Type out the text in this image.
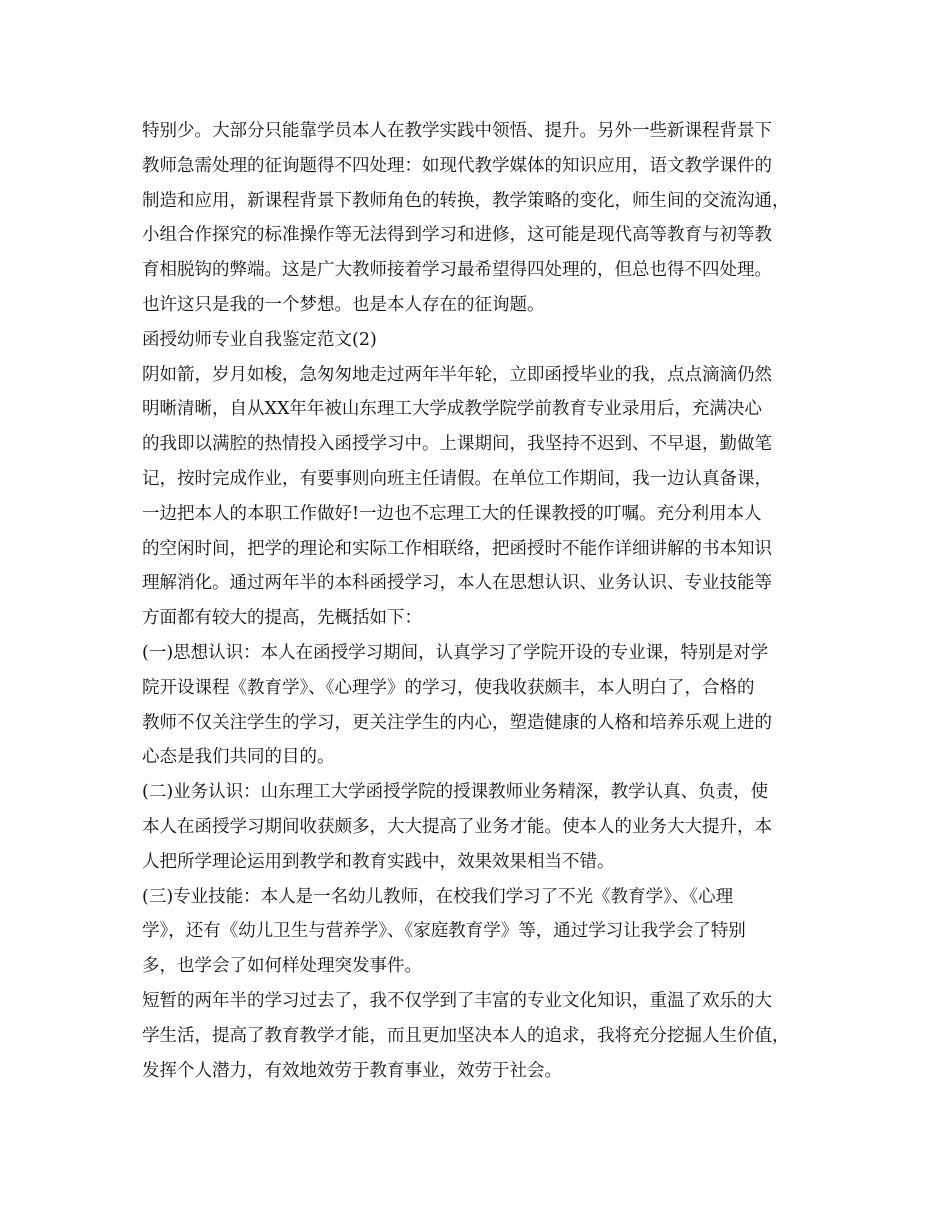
特别少。大部分只能靠学员本人在教学实践中领悟、提升。另外一些新课程背景下
教师急需处理的征询题得不四处理：如现代教学媒体的知识应用，语文教学课件的
制造和应用，新课程背景下教师角色的转换，教学策略的变化，师生间的交流沟通，
小组合作探究的标准操作等无法得到学习和进修，这可能是现代高等教育与初等教
育相脱钩的弊端。这是广大教师接着学习最希望得四处理的，但总也得不四处理。
也许这只是我的一个梦想。也是本人存在的征询题。
函授幼师专业自我鉴定范文(2)
阴如箭，岁月如梭，急匆匆地走过两年半年轮，立即函授毕业的我，点点滴滴仍然
明晰清晰，自从XX年年被山东理工大学成教学院学前教育专业录用后，充满决心
的我即以满腔的热情投入函授学习中。上课期间，我坚持不迟到、不早退，勤做笔
记，按时完成作业，有要事则向班主任请假。在单位工作期间，我一边认真备课，
一边把本人的本职工作做好!一边也不忘理工大的任课教授的叮嘱。充分利用本人
的空闲时间，把学的理论和实际工作相联络，把函授时不能作详细讲解的书本知识
理解消化。通过两年半的本科函授学习，本人在思想认识、业务认识、专业技能等
方面都有较大的提高，先概括如下：
(一)思想认识：本人在函授学习期间，认真学习了学院开设的专业课，特别是对学
院开设课程《教育学》、《心理学》的学习，使我收获颇丰，本人明白了，合格的
教师不仅关注学生的学习，更关注学生的内心，塑造健康的人格和培养乐观上进的
心态是我们共同的目的。
(二)业务认识：山东理工大学函授学院的授课教师业务精深，教学认真、负责，使
本人在函授学习期间收获颇多，大大提高了业务才能。使本人的业务大大提升，本
人把所学理论运用到教学和教育实践中，效果效果相当不错。
(三)专业技能：本人是一名幼儿教师，在校我们学习了不光《教育学》、《心理
学》，还有《幼儿卫生与营养学》、《家庭教育学》等，通过学习让我学会了特别
多，也学会了如何样处理突发事件。
短暂的两年半的学习过去了，我不仅学到了丰富的专业文化知识，重温了欢乐的大
学生活，提高了教育教学才能，而且更加坚决本人的追求，我将充分挖掘人生价值，
发挥个人潜力，有效地效劳于教育事业，效劳于社会。
